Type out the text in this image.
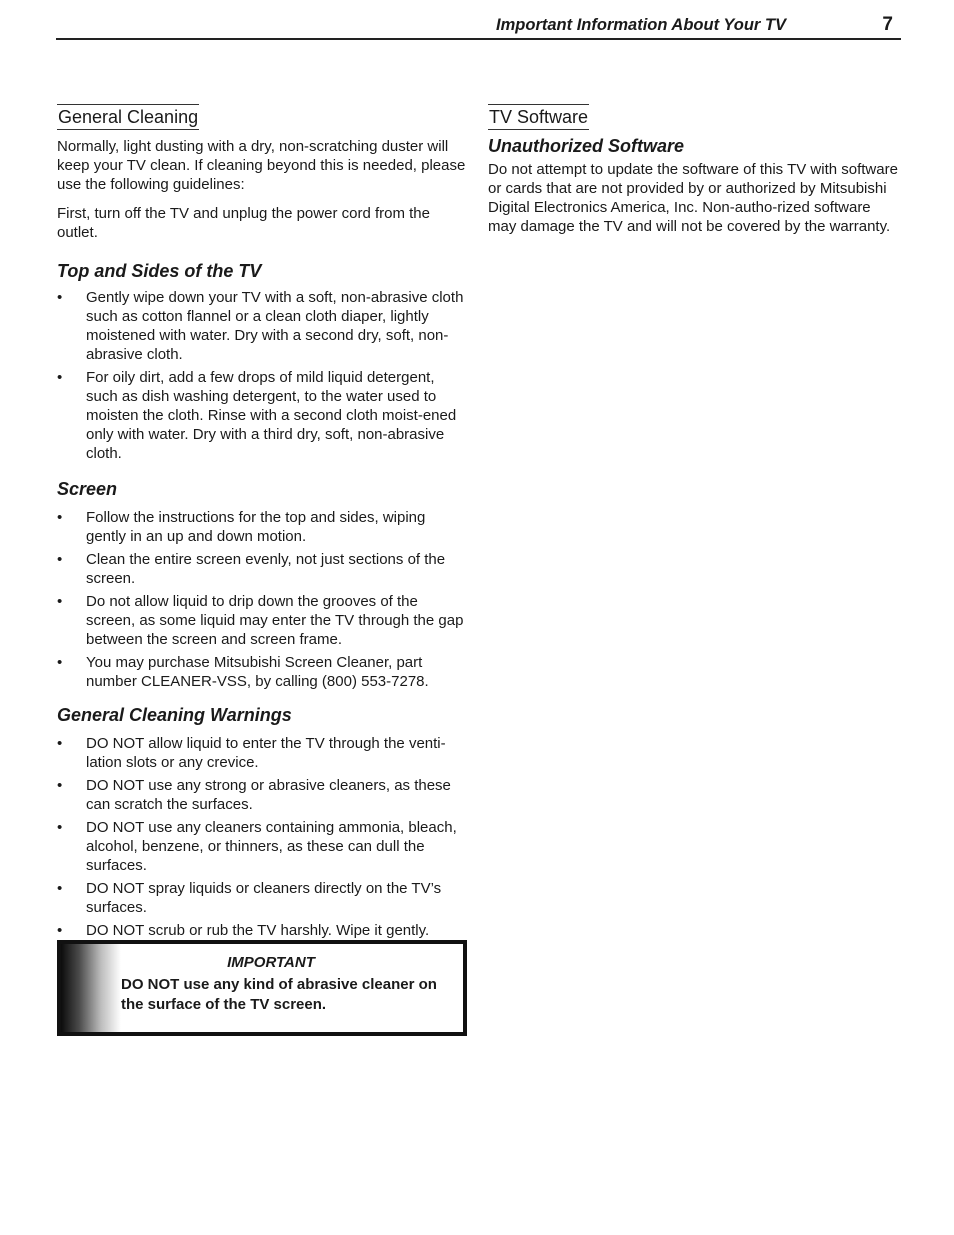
Important Information About Your TV	7
General Cleaning

Normally, light dusting with a dry, non-scratching duster will keep your TV clean. If cleaning beyond this is needed, please use the following guidelines:

First, turn off the TV and unplug the power cord from the outlet.

Top and Sides of the TV
•	Gently wipe down your TV with a soft, non-abrasive cloth such as cotton flannel or a clean cloth diaper, lightly moistened with water. Dry with a second dry, soft, non-abrasive cloth.
•	For oily dirt, add a few drops of mild liquid detergent, such as dish washing detergent, to the water used to moisten the cloth. Rinse with a second cloth moist-ened only with water. Dry with a third dry, soft, non-abrasive cloth.
Screen
•	Follow the instructions for the top and sides, wiping gently in an up and down motion.
•	Clean the entire screen evenly, not just sections of the screen.
•	Do not allow liquid to drip down the grooves of the screen, as some liquid may enter the TV through the gap between the screen and screen frame.
•	You may purchase Mitsubishi Screen Cleaner, part number CLEANER-VSS, by calling (800) 553-7278.
General Cleaning Warnings
•	DO NOT allow liquid to enter the TV through the venti-lation slots or any crevice.
•	DO NOT use any strong or abrasive cleaners, as these can scratch the surfaces.
•	DO NOT use any cleaners containing ammonia, bleach, alcohol, benzene, or thinners, as these can dull the surfaces.
•	DO NOT spray liquids or cleaners directly on the TV’s surfaces.
•	DO NOT scrub or rub the TV harshly. Wipe it gently.
IMPORTANT

DO NOT use any kind of abrasive cleaner on the surface of the TV screen.

TV Software
Unauthorized Software

Do not attempt to update the software of this TV with software or cards that are not provided by or authorized by Mitsubishi Digital Electronics America, Inc. Non-autho-rized software may damage the TV and will not be covered by the warranty.
